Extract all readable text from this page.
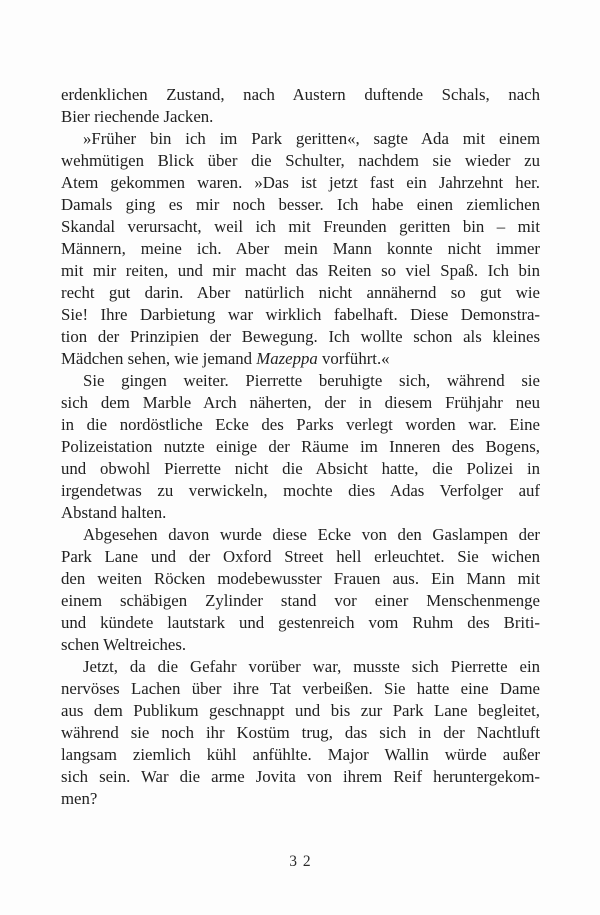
erdenklichen Zustand, nach Austern duftende Schals, nach
Bier riechende Jacken.
»Früher bin ich im Park geritten«, sagte Ada mit einem
wehmütigen Blick über die Schulter, nachdem sie wieder zu
Atem gekommen waren. »Das ist jetzt fast ein Jahrzehnt her.
Damals ging es mir noch besser. Ich habe einen ziemlichen
Skandal verursacht, weil ich mit Freunden geritten bin – mit
Männern, meine ich. Aber mein Mann konnte nicht immer
mit mir reiten, und mir macht das Reiten so viel Spaß. Ich bin
recht gut darin. Aber natürlich nicht annähernd so gut wie
Sie! Ihre Darbietung war wirklich fabelhaft. Diese Demonstra-
tion der Prinzipien der Bewegung. Ich wollte schon als kleines
Mädchen sehen, wie jemand Mazeppa vorführt.«
Sie gingen weiter. Pierrette beruhigte sich, während sie
sich dem Marble Arch näherten, der in diesem Frühjahr neu
in die nordöstliche Ecke des Parks verlegt worden war. Eine
Polizeistation nutzte einige der Räume im Inneren des Bogens,
und obwohl Pierrette nicht die Absicht hatte, die Polizei in
irgendetwas zu verwickeln, mochte dies Adas Verfolger auf
Abstand halten.
Abgesehen davon wurde diese Ecke von den Gaslampen der
Park Lane und der Oxford Street hell erleuchtet. Sie wichen
den weiten Röcken modebewusster Frauen aus. Ein Mann mit
einem schäbigen Zylinder stand vor einer Menschenmenge
und kündete lautstark und gestenreich vom Ruhm des Briti-
schen Weltreiches.
Jetzt, da die Gefahr vorüber war, musste sich Pierrette ein
nervöses Lachen über ihre Tat verbeißen. Sie hatte eine Dame
aus dem Publikum geschnappt und bis zur Park Lane begleitet,
während sie noch ihr Kostüm trug, das sich in der Nachtluft
langsam ziemlich kühl anfühlte. Major Wallin würde außer
sich sein. War die arme Jovita von ihrem Reif heruntergekom-
men?
32
